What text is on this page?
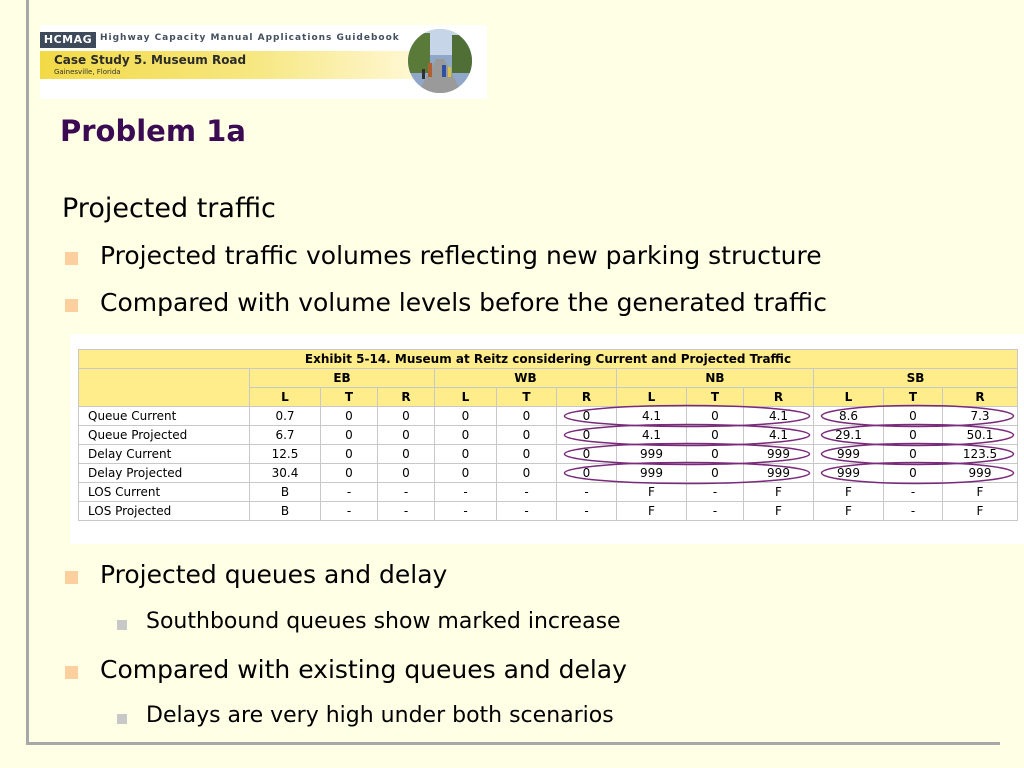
HCMAG Highway Capacity Manual Applications Guidebook
Case Study 5. Museum Road
Gainesville, Florida
Problem 1a
Projected traffic
Projected traffic volumes reflecting new parking structure
Compared with volume levels before the generated traffic
Exhibit 5-14. Museum at Reitz considering Current and Projected Traffic												
	EB			WB			NB			SB		
	L	T	R	L	T	R	L	T	R	L	T	R
Queue Current	0.7	0	0	0	0	0	4.1	0	4.1	8.6	0	7.3
Queue Projected	6.7	0	0	0	0	0	4.1	0	4.1	29.1	0	50.1
Delay Current	12.5	0	0	0	0	0	999	0	999	999	0	123.5
Delay Projected	30.4	0	0	0	0	0	999	0	999	999	0	999
LOS Current	B	-	-	-	-	-	F	-	F	F	-	F
LOS Projected	B	-	-	-	-	-	F	-	F	F	-	F
Projected queues and delay
Southbound queues show marked increase
Compared with existing queues and delay
Delays are very high under both scenarios
